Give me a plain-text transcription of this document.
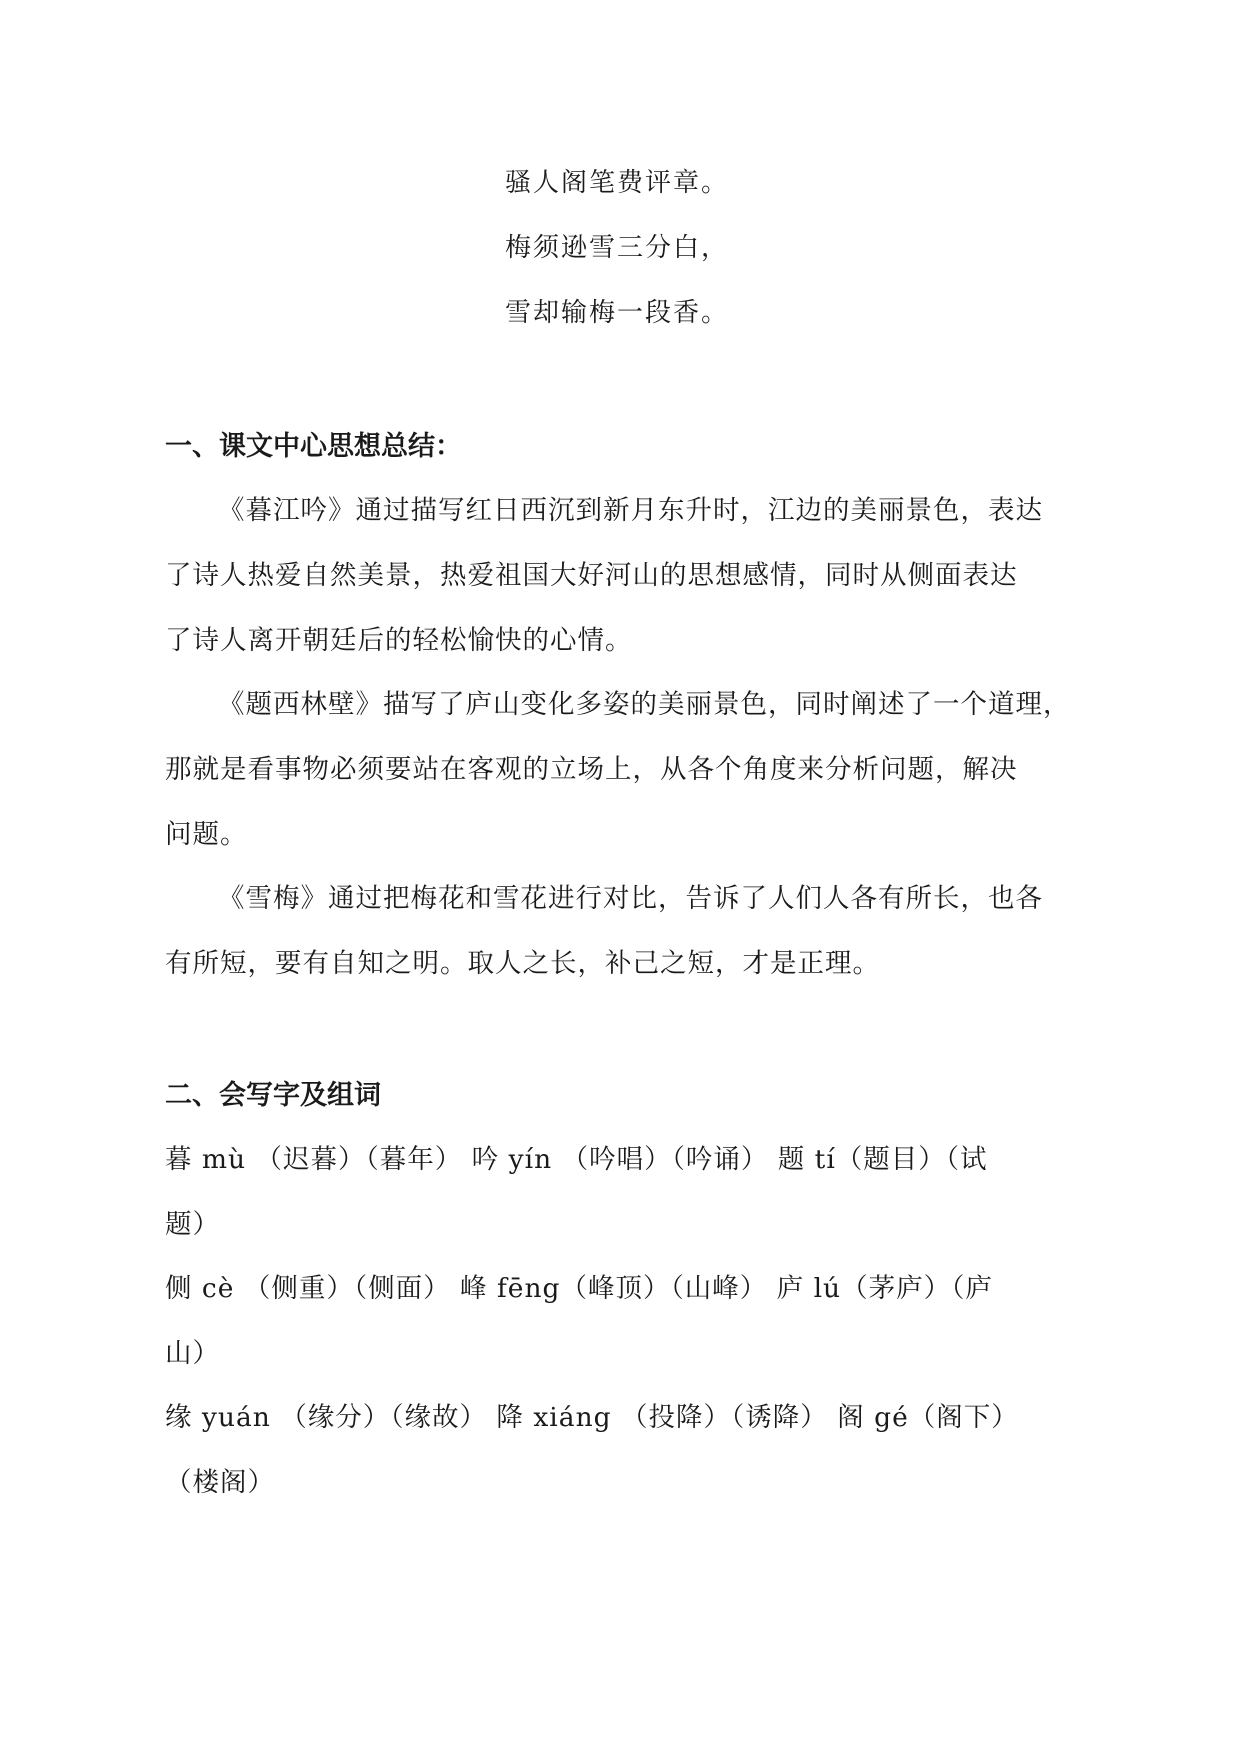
骚人阁笔费评章。
梅须逊雪三分白，
雪却输梅一段香。
一、课文中心思想总结：
《暮江吟》通过描写红日西沉到新月东升时，江边的美丽景色，表达
了诗人热爱自然美景，热爱祖国大好河山的思想感情，同时从侧面表达
了诗人离开朝廷后的轻松愉快的心情。
《题西林壁》描写了庐山变化多姿的美丽景色，同时阐述了一个道理，
那就是看事物必须要站在客观的立场上，从各个角度来分析问题，解决
问题。
《雪梅》通过把梅花和雪花进行对比，告诉了人们人各有所长，也各
有所短，要有自知之明。取人之长，补己之短，才是正理。
二、会写字及组词
暮 mù （迟暮）（暮年） 吟 yín （吟唱）（吟诵） 题 tí（题目）（试
题）
侧 cè （侧重）（侧面） 峰 fēng（峰顶）（山峰） 庐 lú（茅庐）（庐
山）
缘 yuán （缘分）（缘故） 降 xiáng （投降）（诱降） 阁 gé（阁下）
（楼阁）
